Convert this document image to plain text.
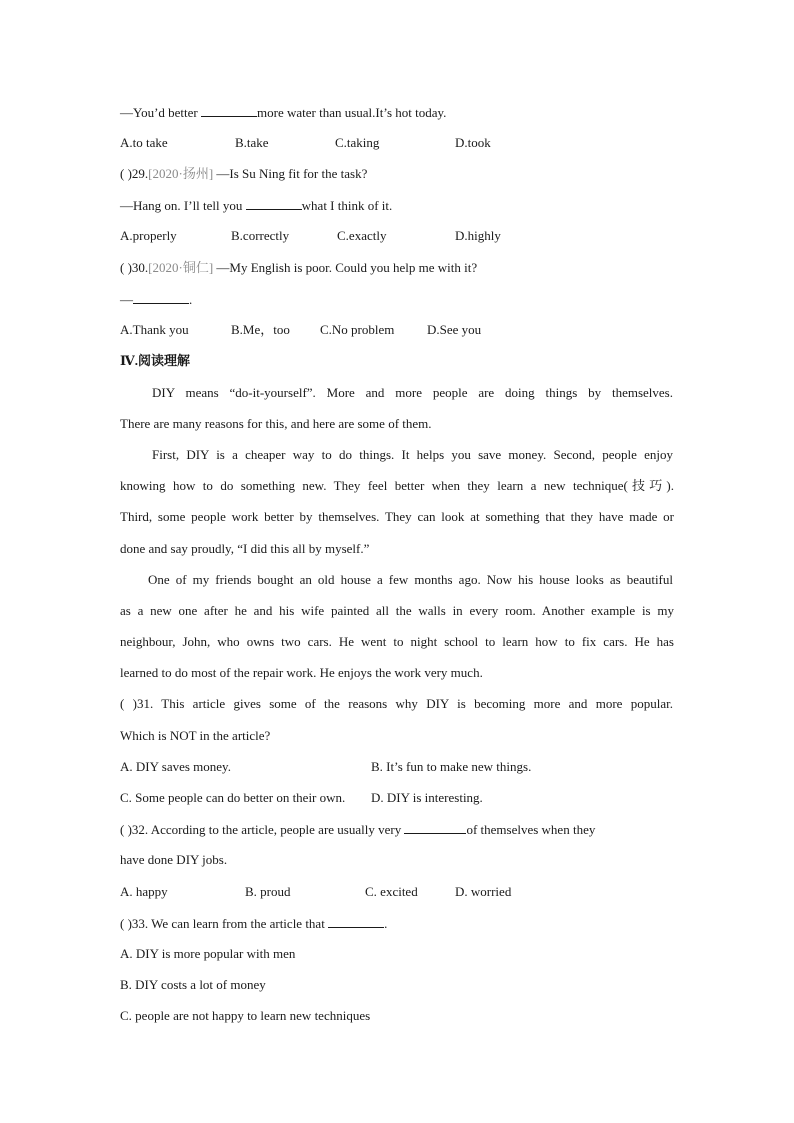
—You’d better	more water than usual.It’s hot today.
A.to take	B.take	C.taking	D.took
( )29.[2020·扬州] —Is Su Ning fit for the task?
—Hang on. I’ll tell you	what I think of it.
A.properly	B.correctly	C.exactly	D.highly
( )30.[2020·铜仁] —My English is poor. Could you help me with it?
—	.
A.Thank you	B.Me，too C.No problem	D.See you
Ⅳ.阅读理解
DIY means “do-it-yourself”. More and more people are doing things by themselves.
There are many reasons for this, and here are some of them.
First, DIY is a cheaper way to do things. It helps you save money. Second, people enjoy
knowing how to do something new. They feel better when they learn a new technique(技巧).
Third, some people work better by themselves. They can look at something that they have made or
done and say proudly, “I did this all by myself.”
One of my friends bought an old house a few months ago. Now his house looks as beautiful
as a new one after he and his wife painted all the walls in every room. Another example is my
neighbour, John, who owns two cars. He went to night school to learn how to fix cars. He has
learned to do most of the repair work. He enjoys the work very much.
( )31. This article gives some of the reasons why DIY is becoming more and more popular.
Which is NOT in the article?
A. DIY saves money.	B. It’s fun to make new things.
C. Some people can do better on their own. D. DIY is interesting.
( )32. According to the article, people are usually very	of themselves when they
have done DIY jobs.
A. happy	B. proud	C. excited	D. worried
( )33. We can learn from the article that	.
A. DIY is more popular with men
B. DIY costs a lot of money
C. people are not happy to learn new techniques
